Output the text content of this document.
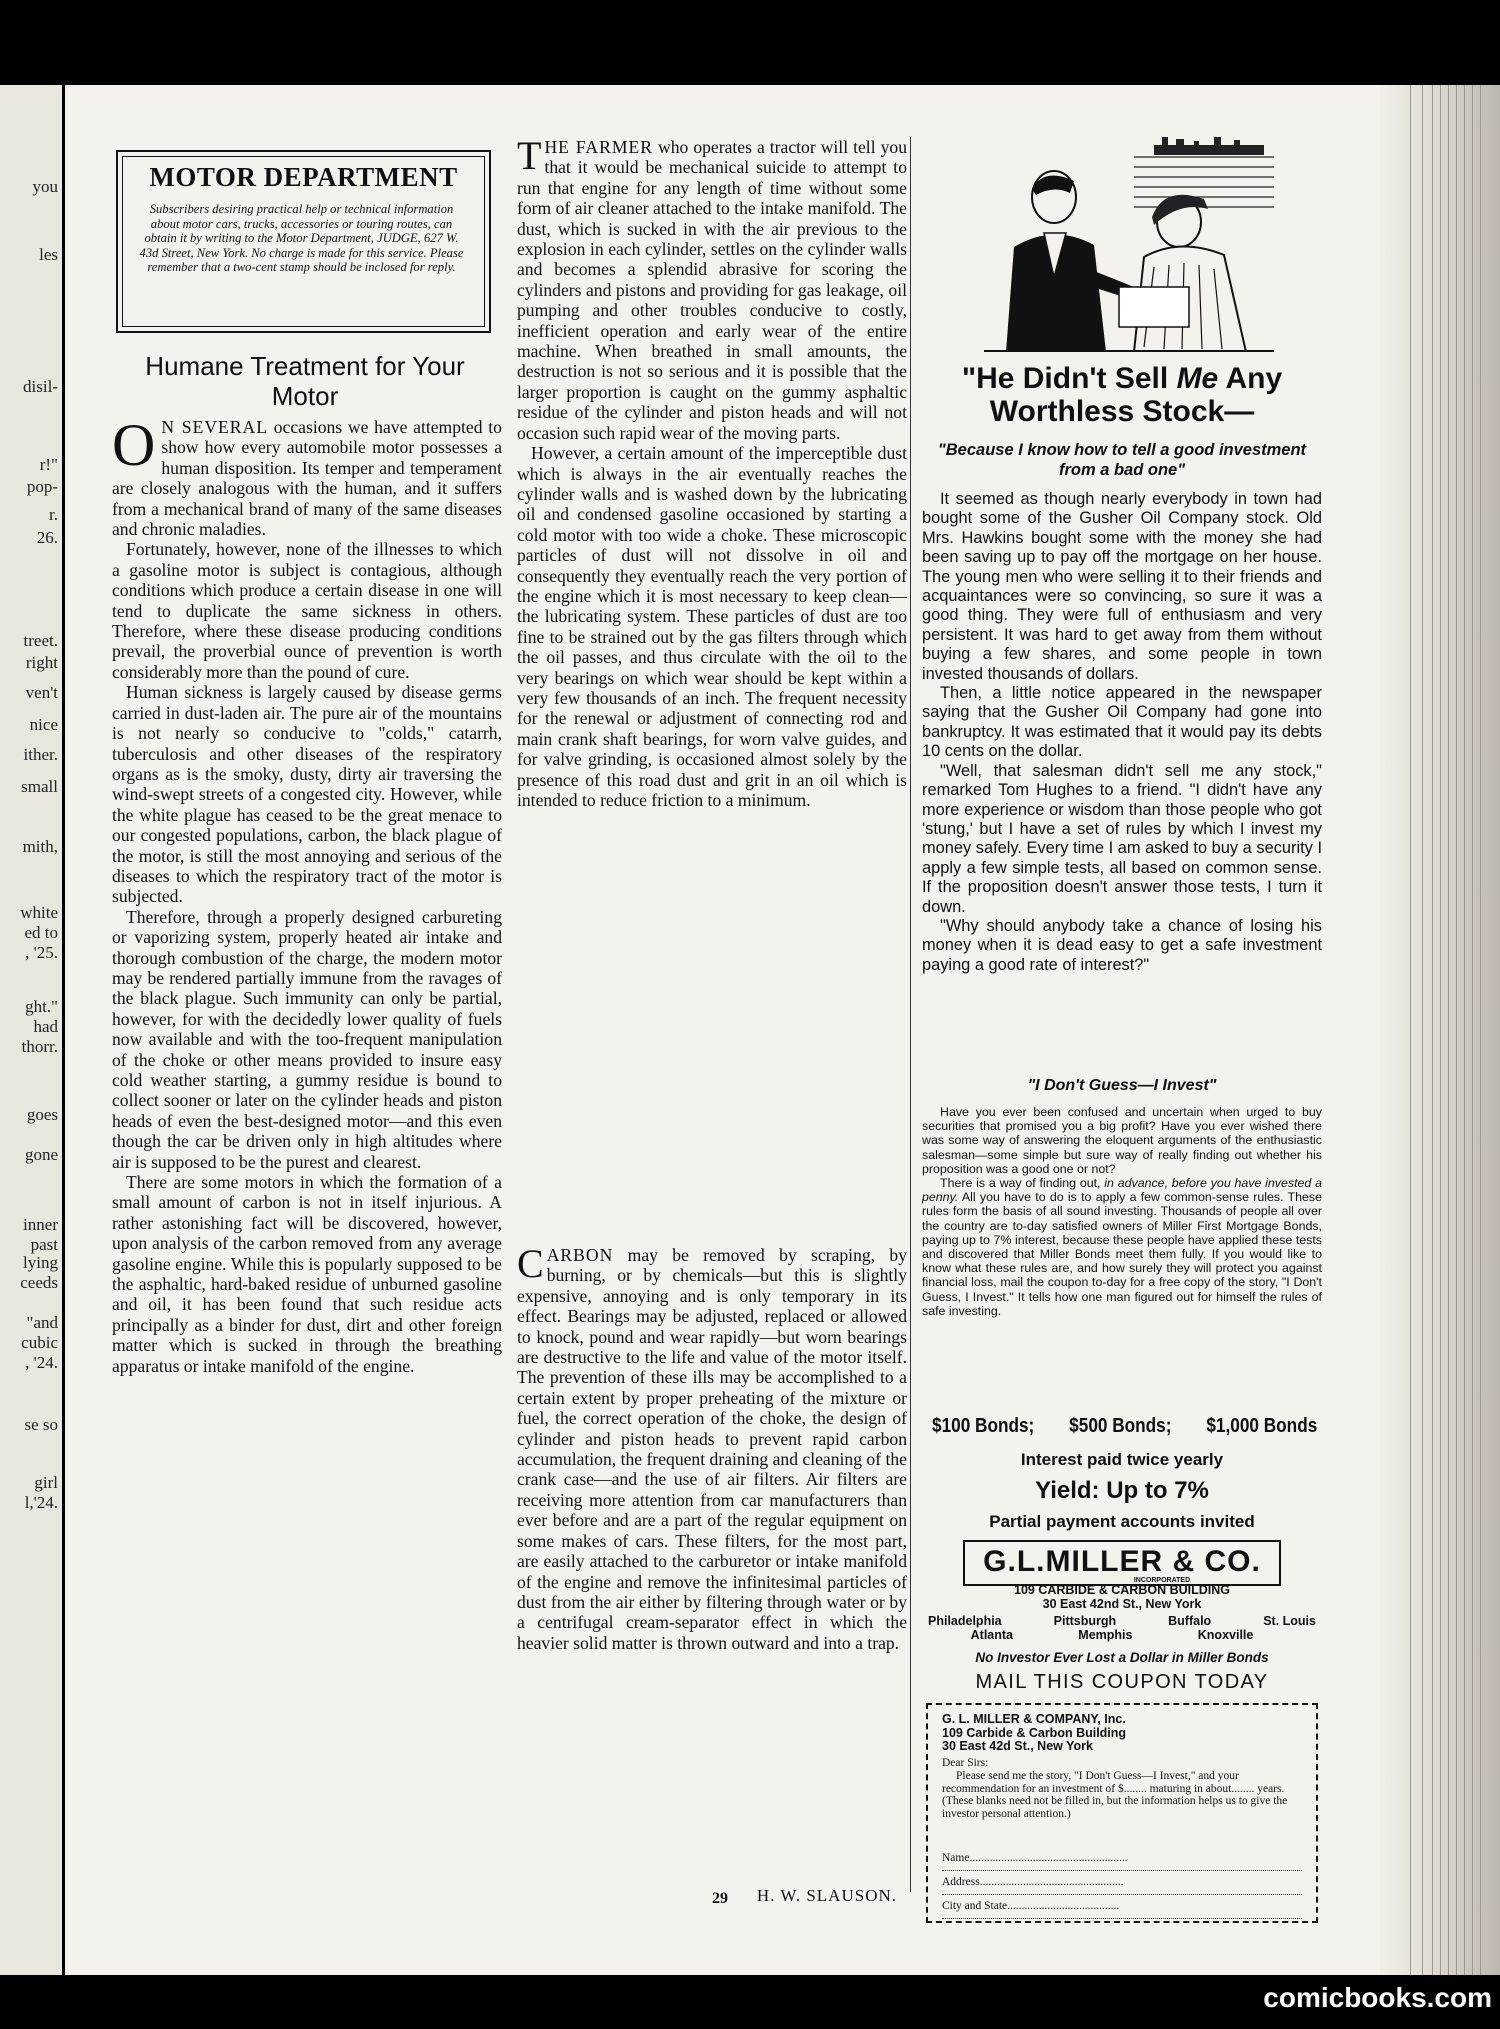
you
les
disil-
r!"
pop-
r.
26.
treet.
right
ven't
nice
ither.
small
mith,
white
ed to
, '25.
ght."
had
thorr.
goes
gone
inner
past
lying
ceeds
"and
cubic
, '24.
se so
girl
l,'24.
MOTOR DEPARTMENT
Subscribers desiring practical help or technical information about motor cars, trucks, accessories or touring routes, can obtain it by writing to the Motor Department, JUDGE, 627 W. 43d Street, New York. No charge is made for this service. Please remember that a two-cent stamp should be inclosed for reply.
Humane Treatment for Your Motor

O N SEVERAL occasions we have attempted to show how every automobile motor possesses a human disposition. Its temper and temperament are closely analogous with the human, and it suffers from a mechanical brand of many of the same diseases and chronic maladies.

Fortunately, however, none of the illnesses to which a gasoline motor is subject is contagious, although conditions which produce a certain disease in one will tend to duplicate the same sickness in others. Therefore, where these disease producing conditions prevail, the proverbial ounce of prevention is worth considerably more than the pound of cure.

Human sickness is largely caused by disease germs carried in dust-laden air. The pure air of the mountains is not nearly so conducive to "colds," catarrh, tuberculosis and other diseases of the respiratory organs as is the smoky, dusty, dirty air traversing the wind-swept streets of a congested city. However, while the white plague has ceased to be the great menace to our congested populations, carbon, the black plague of the motor, is still the most annoying and serious of the diseases to which the respiratory tract of the motor is subjected.

Therefore, through a properly designed carbureting or vaporizing system, properly heated air intake and thorough combustion of the charge, the modern motor may be rendered partially immune from the ravages of the black plague. Such immunity can only be partial, however, for with the decidedly lower quality of fuels now available and with the too-frequent manipulation of the choke or other means provided to insure easy cold weather starting, a gummy residue is bound to collect sooner or later on the cylinder heads and piston heads of even the best-designed motor—and this even though the car be driven only in high altitudes where air is supposed to be the purest and clearest.

There are some motors in which the formation of a small amount of carbon is not in itself injurious. A rather astonishing fact will be discovered, however, upon analysis of the carbon removed from any average gasoline engine. While this is popularly supposed to be the asphaltic, hard-baked residue of unburned gasoline and oil, it has been found that such residue acts principally as a binder for dust, dirt and other foreign matter which is sucked in through the breathing apparatus or intake manifold of the engine.

THE FARMER who operates a tractor will tell you that it would be mechanical suicide to attempt to run that engine for any length of time without some form of air cleaner attached to the intake manifold. The dust, which is sucked in with the air previous to the explosion in each cylinder, settles on the cylinder walls and becomes a splendid abrasive for scoring the cylinders and pistons and providing for gas leakage, oil pumping and other troubles conducive to costly, inefficient operation and early wear of the entire machine. When breathed in small amounts, the destruction is not so serious and it is possible that the larger proportion is caught on the gummy asphaltic residue of the cylinder and piston heads and will not occasion such rapid wear of the moving parts.

However, a certain amount of the imperceptible dust which is always in the air eventually reaches the cylinder walls and is washed down by the lubricating oil and condensed gasoline occasioned by starting a cold motor with too wide a choke. These microscopic particles of dust will not dissolve in oil and consequently they eventually reach the very portion of the engine which it is most necessary to keep clean—the lubricating system. These particles of dust are too fine to be strained out by the gas filters through which the oil passes, and thus circulate with the oil to the very bearings on which wear should be kept within a very few thousands of an inch. The frequent necessity for the renewal or adjustment of connecting rod and main crank shaft bearings, for worn valve guides, and for valve grinding, is occasioned almost solely by the presence of this road dust and grit in an oil which is intended to reduce friction to a minimum.

CARBON may be removed by scraping, by burning, or by chemicals—but this is slightly expensive, annoying and is only temporary in its effect. Bearings may be adjusted, replaced or allowed to knock, pound and wear rapidly—but worn bearings are destructive to the life and value of the motor itself. The prevention of these ills may be accomplished to a certain extent by proper preheating of the mixture or fuel, the correct operation of the choke, the design of cylinder and piston heads to prevent rapid carbon accumulation, the frequent draining and cleaning of the crank case—and the use of air filters. Air filters are receiving more attention from car manufacturers than ever before and are a part of the regular equipment on some makes of cars. These filters, for the most part, are easily attached to the carburetor or intake manifold of the engine and remove the infinitesimal particles of dust from the air either by filtering through water or by a centrifugal cream-separator effect in which the heavier solid matter is thrown outward and into a trap.

H. W. SLAUSON.
"He Didn't Sell Me Any Worthless Stock—
"Because I know how to tell a good investment from a bad one"

It seemed as though nearly everybody in town had bought some of the Gusher Oil Company stock. Old Mrs. Hawkins bought some with the money she had been saving up to pay off the mortgage on her house. The young men who were selling it to their friends and acquaintances were so convincing, so sure it was a good thing. They were full of enthusiasm and very persistent. It was hard to get away from them without buying a few shares, and some people in town invested thousands of dollars.

Then, a little notice appeared in the newspaper saying that the Gusher Oil Company had gone into bankruptcy. It was estimated that it would pay its debts 10 cents on the dollar.

"Well, that salesman didn't sell me any stock," remarked Tom Hughes to a friend. "I didn't have any more experience or wisdom than those people who got 'stung,' but I have a set of rules by which I invest my money safely. Every time I am asked to buy a security I apply a few simple tests, all based on common sense. If the proposition doesn't answer those tests, I turn it down.

"Why should anybody take a chance of losing his money when it is dead easy to get a safe investment paying a good rate of interest?"

"I Don't Guess—I Invest"

Have you ever been confused and uncertain when urged to buy securities that promised you a big profit? Have you ever wished there was some way of answering the eloquent arguments of the enthusiastic salesman—some simple but sure way of really finding out whether his proposition was a good one or not?

There is a way of finding out, in advance, before you have invested a penny. All you have to do is to apply a few common-sense rules. These rules form the basis of all sound investing. Thousands of people all over the country are to-day satisfied owners of Miller First Mortgage Bonds, paying up to 7% interest, because these people have applied these tests and discovered that Miller Bonds meet them fully. If you would like to know what these rules are, and how surely they will protect you against financial loss, mail the coupon to-day for a free copy of the story, "I Don't Guess, I Invest." It tells how one man figured out for himself the rules of safe investing.

$100 Bonds; $500 Bonds; $1,000 Bonds
Interest paid twice yearly
Yield: Up to 7%
Partial payment accounts invited
G.L.MILLER & CO.
INCORPORATED
109 CARBIDE & CARBON BUILDING
30 East 42nd St., New York
Philadelphia	Pittsburgh	Buffalo	St. Louis
Atlanta	Memphis	Knoxville
No Investor Ever Lost a Dollar in Miller Bonds
MAIL THIS COUPON TODAY
G. L. MILLER & COMPANY, Inc.
109 Carbide & Carbon Building
30 East 42d St., New York

Dear Sirs:

Please send me the story, "I Don't Guess—I Invest," and your recommendation for an investment of $........ maturing in about........ years. (These blanks need not be filled in, but the information helps us to give the investor personal attention.)

Name.......................................................
Address..................................................
City and State.......................................
29
comicbooks.com
